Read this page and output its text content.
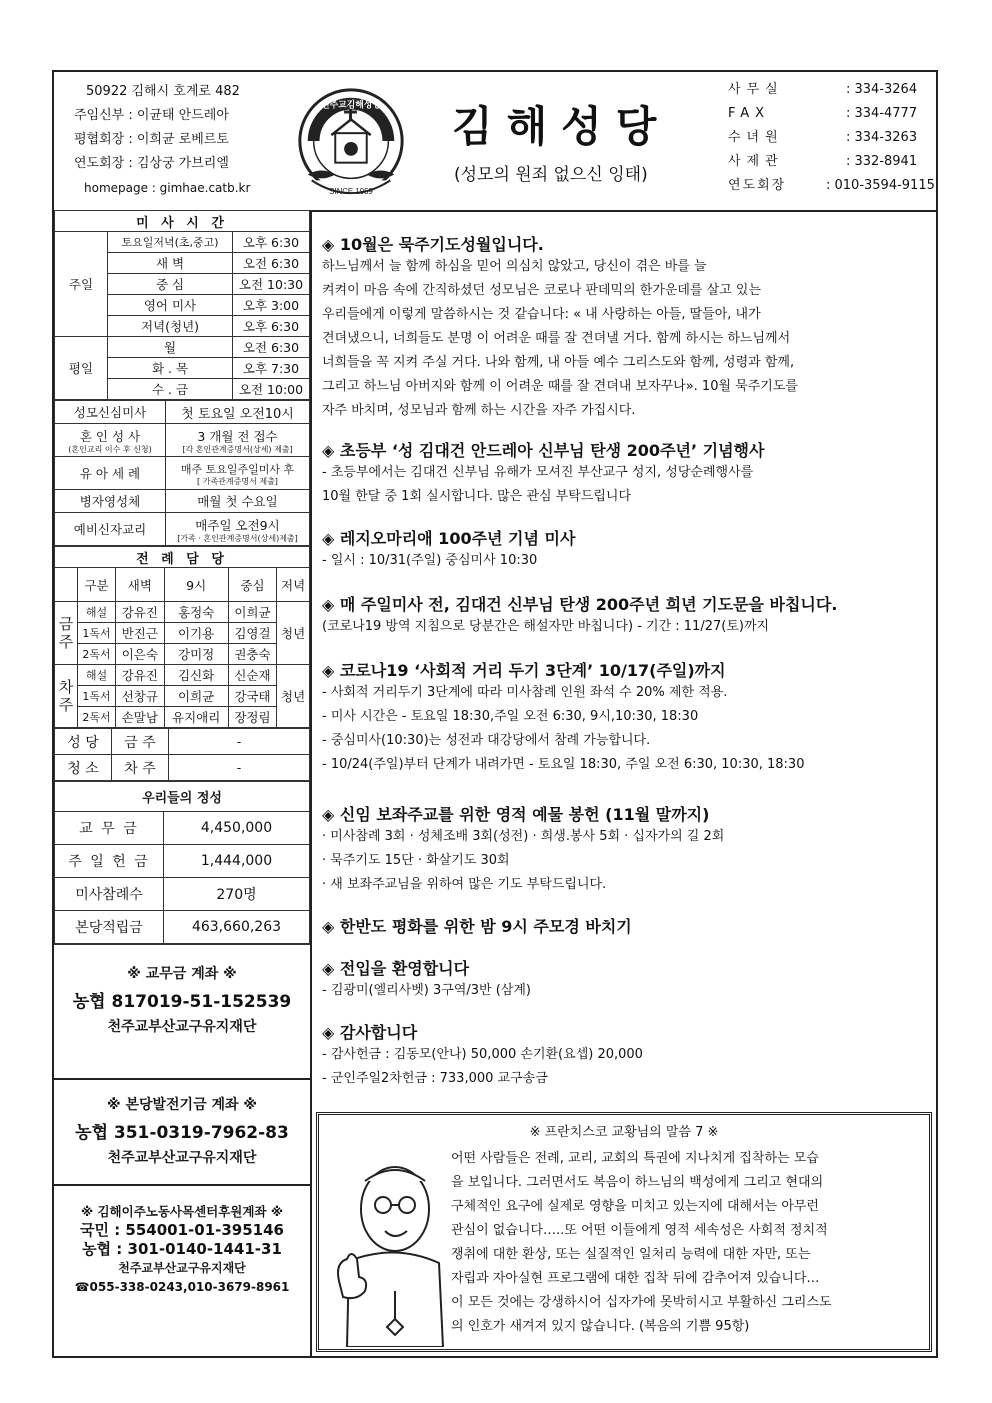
50922 김해시 호계로 482
주임신부 : 이균태 안드레아
평협회장 : 이희균 로베르토
연도회장 : 김상궁 가브리엘
homepage : gimhae.catb.kr	SINCE 1959
천주교김해성당 김해성당
(성모의 원죄 없으신 잉태)
사무실	: 334-3264
FAX	: 334-4777
수녀원	: 334-3263
사제관	: 332-8941
연도회장	: 010-3594-9115
미 사 시 간		
주일	토요일저녁(초,중고)	오후 6:30
	새 벽	오전 6:30
	중 심	오전 10:30
	영어 미사	오후 3:00
	저녁(청년)	오후 6:30
평일	월	오전 6:30
	화 . 목	오후 7:30
	수 . 금	오전 10:00
성모신심미사	첫 토요일 오전10시
혼 인 성 사
(혼인교리 이수 후 신청)	3 개월 전 접수
[각 혼인관계증명서(상세) 제출]

유 아 세 례	매주 토요일주일미사 후
[ 가족관계증명서 제출]

병자영성체	매월 첫 수요일
예비신자교리	매주일 오전9시
[가족 · 혼인관계증명서(상세)제출]
전 례 담 당					
	구분	새벽	9시	중심	저녁
금주	해설	강유진	홍정숙	이희균	청년
	1독서	반진근	이기용	김영걸	
	2독서	이은숙	강미정	권충숙	
차주	해설	강유진	김신화	신순재	청년
	1독서	선창규	이희균	강국태	
	2독서	손말남	유지애리	장정림	
성 당	금 주	-
청 소	차 주	-
우리들의 정성	
교 무 금	4,450,000
주 일 헌 금	1,444,000
미사참례수	270명
본당적립금	463,660,263
※ 교무금 계좌 ※
농협 817019-51-152539
천주교부산교구유지재단
※ 본당발전기금 계좌 ※
농협 351-0319-7962-83
천주교부산교구유지재단
※ 김해이주노동사목센터후원계좌 ※
국민 : 554001-01-395146
농협 : 301-0140-1441-31
천주교부산교구유지재단
☎055-338-0243,010-3679-8961
◈ 10월은 묵주기도성월입니다.

하느님께서 늘 함께 하심을 믿어 의심치 않았고, 당신이 겪은 바를 늘

켜켜이 마음 속에 간직하셨던 성모님은 코로나 판데믹의 한가운데를 살고 있는

우리들에게 이렇게 말씀하시는 것 같습니다: « 내 사랑하는 아들, 딸들아, 내가

견뎌냈으니, 너희들도 분명 이 어려운 때를 잘 견뎌낼 거다. 함께 하시는 하느님께서

너희들을 꼭 지켜 주실 거다. 나와 함께, 내 아들 예수 그리스도와 함께, 성령과 함께,

그리고 하느님 아버지와 함께 이 어려운 때를 잘 견뎌내 보자꾸나». 10월 묵주기도를

자주 바치며, 성모님과 함께 하는 시간을 자주 가집시다.

◈ 초등부 ‘성 김대건 안드레아 신부님 탄생 200주년’ 기념행사

- 초등부에서는 김대건 신부님 유해가 모셔진 부산교구 성지, 성당순례행사를

10월 한달 중 1회 실시합니다. 많은 관심 부탁드립니다

◈ 레지오마리애 100주년 기념 미사

- 일시 : 10/31(주일) 중심미사 10:30

◈ 매 주일미사 전, 김대건 신부님 탄생 200주년 희년 기도문을 바칩니다.

(코로나19 방역 지침으로 당분간은 해설자만 바칩니다) - 기간 : 11/27(토)까지

◈ 코로나19 ‘사회적 거리 두기 3단계’ 10/17(주일)까지

- 사회적 거리두기 3단계에 따라 미사참례 인원 좌석 수 20% 제한 적용.

- 미사 시간은 - 토요일 18:30,주일 오전 6:30, 9시,10:30, 18:30

- 중심미사(10:30)는 성전과 대강당에서 참례 가능합니다.

- 10/24(주일)부터 단계가 내려가면 - 토요일 18:30, 주일 오전 6:30, 10:30, 18:30

◈ 신임 보좌주교를 위한 영적 예물 봉헌 (11월 말까지)

· 미사참례 3회 · 성체조배 3회(성전) · 희생.봉사 5회 · 십자가의 길 2회

· 묵주기도 15단 · 화살기도 30회

· 새 보좌주교님을 위하여 많은 기도 부탁드립니다.

◈ 한반도 평화를 위한 밤 9시 주모경 바치기
◈ 전입을 환영합니다

- 김광미(엘리사벳) 3구역/3반 (삼계)

◈ 감사합니다

- 감사헌금 : 김동모(안나) 50,000 손기환(요셉) 20,000

- 군인주일2차헌금 : 733,000 교구송금

※ 프란치스코 교황님의 말씀 7 ※
어떤 사람들은 전례, 교리, 교회의 특권에 지나치게 집착하는 모습
을 보입니다. 그러면서도 복음이 하느님의 백성에게 그리고 현대의
구체적인 요구에 실제로 영향을 미치고 있는지에 대해서는 아무런
관심이 없습니다…..또 어떤 이들에게 영적 세속성은 사회적 정치적
쟁취에 대한 환상, 또는 실질적인 일처리 능력에 대한 자만, 또는
자립과 자아실현 프로그램에 대한 집착 뒤에 감추어져 있습니다…
이 모든 것에는 강생하시어 십자가에 못박히시고 부활하신 그리스도
의 인호가 새겨져 있지 않습니다. (복음의 기쁨 95항)
